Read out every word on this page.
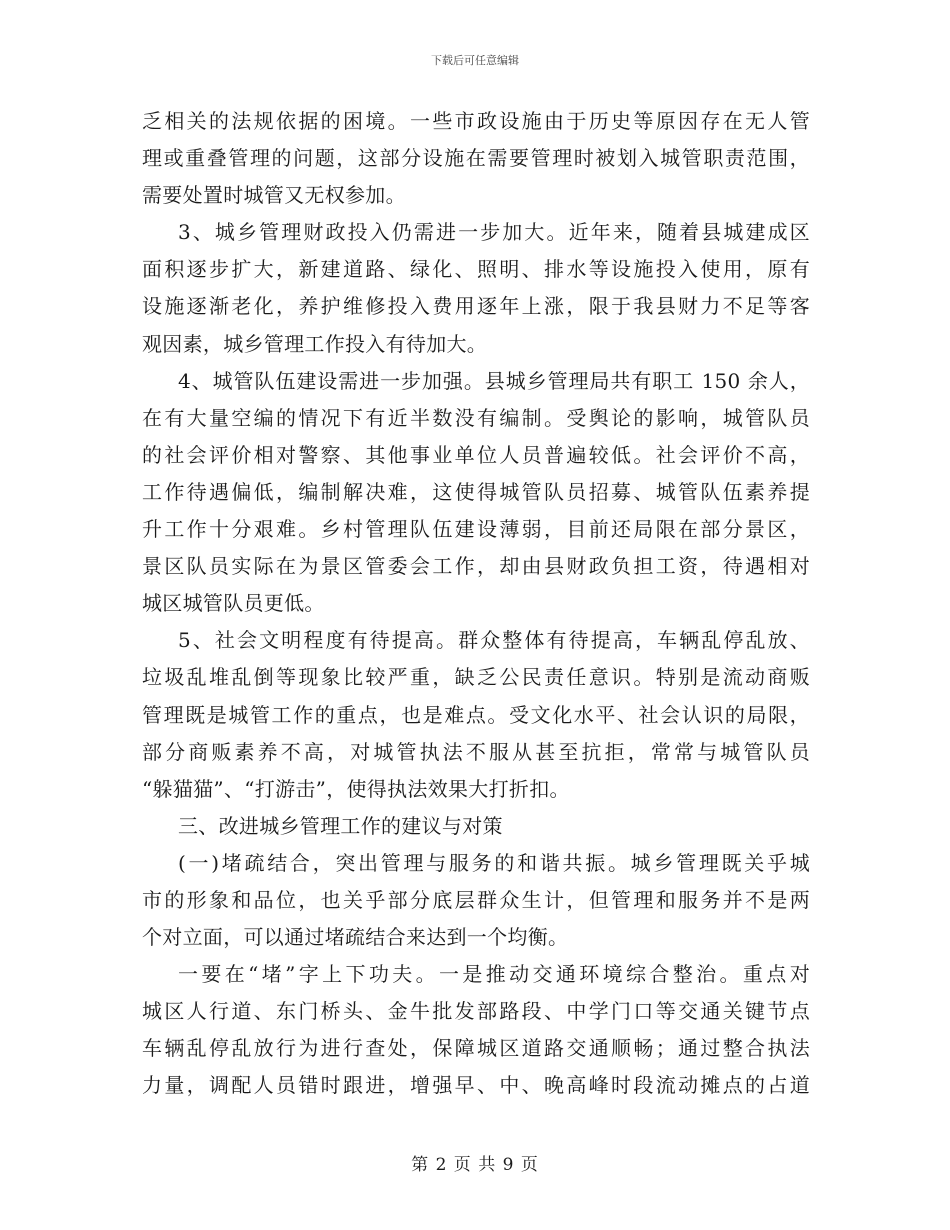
下载后可任意编辑
乏相关的法规依据的困境。一些市政设施由于历史等原因存在无人管
理或重叠管理的问题，这部分设施在需要管理时被划入城管职责范围，
需要处置时城管又无权参加。
3、城乡管理财政投入仍需进一步加大。近年来，随着县城建成区
面积逐步扩大，新建道路、绿化、照明、排水等设施投入使用，原有
设施逐渐老化，养护维修投入费用逐年上涨，限于我县财力不足等客
观因素，城乡管理工作投入有待加大。
4、城管队伍建设需进一步加强。县城乡管理局共有职工 150 余人，
在有大量空编的情况下有近半数没有编制。受舆论的影响，城管队员
的社会评价相对警察、其他事业单位人员普遍较低。社会评价不高，
工作待遇偏低，编制解决难，这使得城管队员招募、城管队伍素养提
升工作十分艰难。乡村管理队伍建设薄弱，目前还局限在部分景区，
景区队员实际在为景区管委会工作，却由县财政负担工资，待遇相对
城区城管队员更低。
5、社会文明程度有待提高。群众整体有待提高，车辆乱停乱放、
垃圾乱堆乱倒等现象比较严重，缺乏公民责任意识。特别是流动商贩
管理既是城管工作的重点，也是难点。受文化水平、社会认识的局限，
部分商贩素养不高，对城管执法不服从甚至抗拒，常常与城管队员
“躲猫猫”、“打游击”，使得执法效果大打折扣。
三、改进城乡管理工作的建议与对策
(一)堵疏结合，突出管理与服务的和谐共振。城乡管理既关乎城
市的形象和品位，也关乎部分底层群众生计，但管理和服务并不是两
个对立面，可以通过堵疏结合来达到一个均衡。
一要在“堵”字上下功夫。一是推动交通环境综合整治。重点对
城区人行道、东门桥头、金牛批发部路段、中学门口等交通关键节点
车辆乱停乱放行为进行查处，保障城区道路交通顺畅；通过整合执法
力量，调配人员错时跟进，增强早、中、晚高峰时段流动摊点的占道
第 2 页 共 9 页
